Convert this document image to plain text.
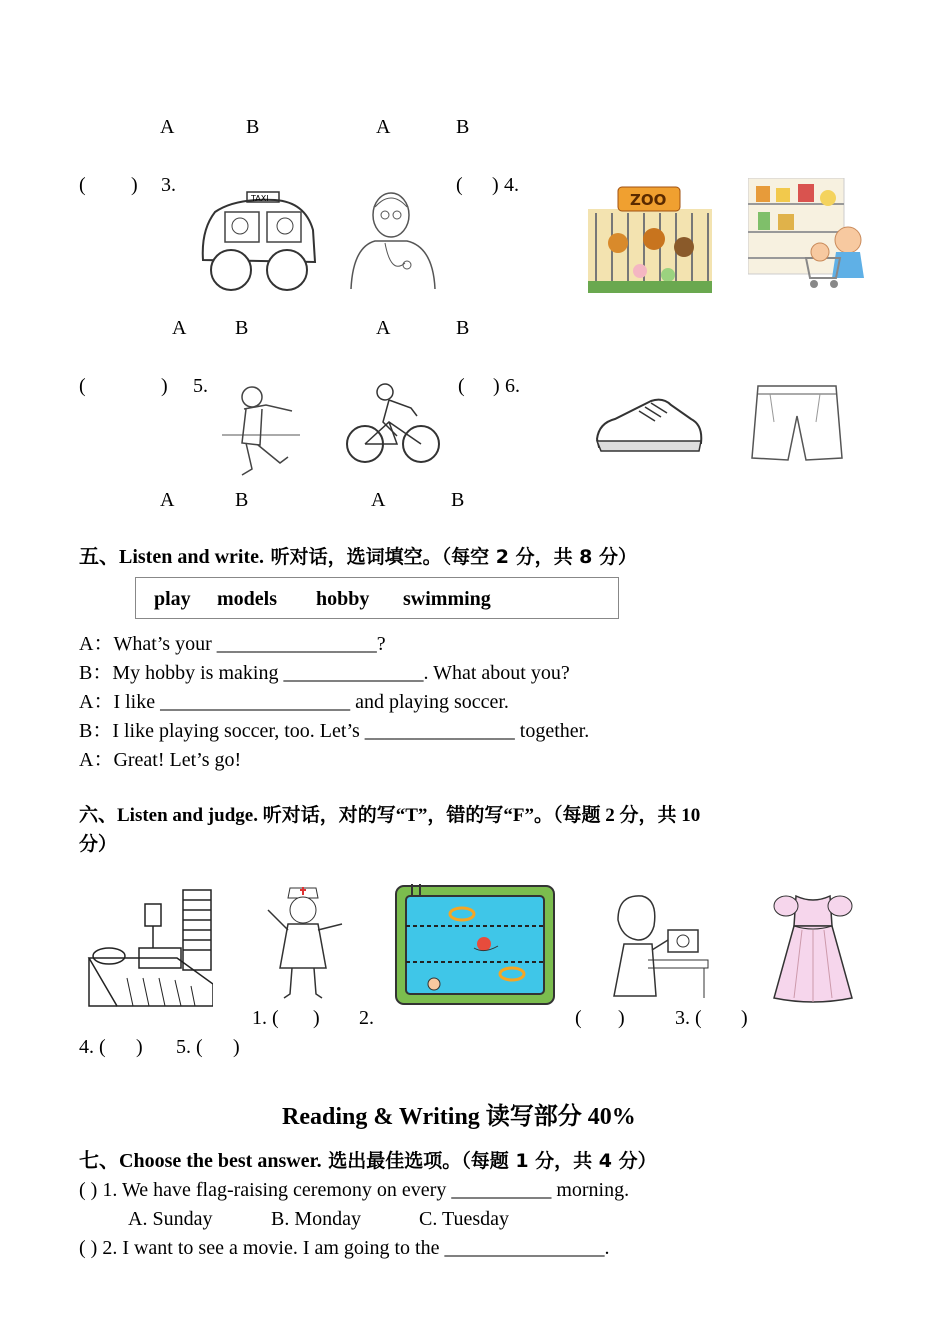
A	B	A	B
( ) 3.	( ) 4.
TAXI	ZOO
A B	A	B
(	) 5.	( ) 6.
A	B	A	B
五、Listen and write. 听对话，选词填空。（每空 2 分，共 8 分）
play models hobby swimming
A：What’s your ________________?
B：My hobby is making ______________. What about you?
A：I like ___________________ and playing soccer.
B：I like playing soccer, too. Let’s _______________ together.
A：Great! Let’s go!
六、Listen and judge. 听对话，对的写“T”，错的写“F”。（每题 2 分，共 10
分）
1. ( ) 2.	( )	3. ( )
4. ( ) 5. ( )
Reading & Writing 读写部分 40%
七、Choose the best answer. 选出最佳选项。（每题 1 分，共 4 分）
( ) 1. We have flag-raising ceremony on every __________ morning.
A. Sunday	B. Monday	C. Tuesday
( ) 2. I want to see a movie. I am going to the ________________.
